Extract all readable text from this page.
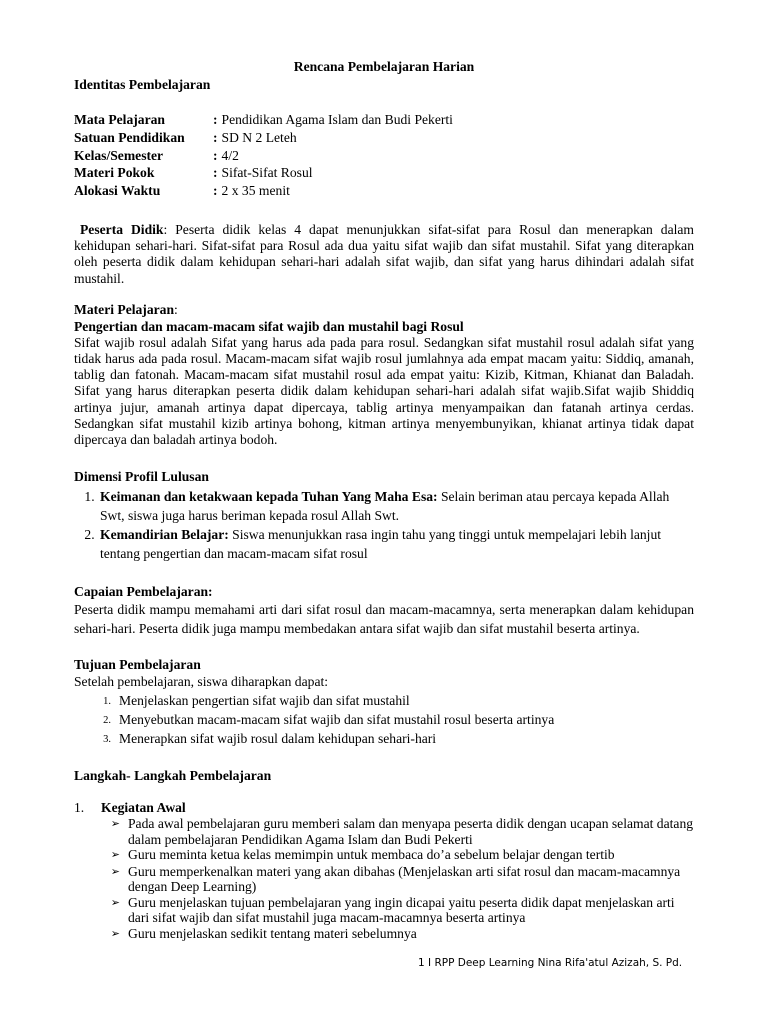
Rencana Pembelajaran Harian

Identitas Pembelajaran
Mata Pelajaran	: Pendidikan Agama Islam dan Budi Pekerti
Satuan Pendidikan	: SD N 2 Leteh
Kelas/Semester	: 4/2
Materi Pokok	: Sifat-Sifat Rosul
Alokasi Waktu	: 2 x 35 menit
Peserta Didik: Peserta didik kelas 4 dapat menunjukkan sifat-sifat para Rosul dan menerapkan dalam kehidupan sehari-hari. Sifat-sifat para Rosul ada dua yaitu sifat wajib dan sifat mustahil. Sifat yang diterapkan oleh peserta didik dalam kehidupan sehari-hari adalah sifat wajib, dan sifat yang harus dihindari adalah sifat mustahil.
Materi Pelajaran:
Pengertian dan macam-macam sifat wajib dan mustahil bagi Rosul
Sifat wajib rosul adalah Sifat yang harus ada pada para rosul. Sedangkan sifat mustahil rosul adalah sifat yang tidak harus ada pada rosul. Macam-macam sifat wajib rosul jumlahnya ada empat macam yaitu: Siddiq, amanah, tablig dan fatonah. Macam-macam sifat mustahil rosul ada empat yaitu: Kizib, Kitman, Khianat dan Baladah. Sifat yang harus diterapkan peserta didik dalam kehidupan sehari-hari adalah sifat wajib.Sifat wajib Shiddiq artinya jujur, amanah artinya dapat dipercaya, tablig artinya menyampaikan dan fatanah artinya cerdas. Sedangkan sifat mustahil kizib artinya bohong, kitman artinya menyembunyikan, khianat artinya tidak dapat dipercaya dan baladah artinya bodoh.
Dimensi Profil Lulusan
1. Keimanan dan ketakwaan kepada Tuhan Yang Maha Esa: Selain beriman atau percaya kepada Allah Swt, siswa juga harus beriman kepada rosul Allah Swt.
2. Kemandirian Belajar: Siswa menunjukkan rasa ingin tahu yang tinggi untuk mempelajari lebih lanjut tentang pengertian dan macam-macam sifat rosul
Capaian Pembelajaran:
Peserta didik mampu memahami arti dari sifat rosul dan macam-macamnya, serta menerapkan dalam kehidupan sehari-hari. Peserta didik juga mampu membedakan antara sifat wajib dan sifat mustahil beserta artinya.
Tujuan Pembelajaran
Setelah pembelajaran, siswa diharapkan dapat:
1. Menjelaskan pengertian sifat wajib dan sifat mustahil
2. Menyebutkan macam-macam sifat wajib dan sifat mustahil rosul beserta artinya
3. Menerapkan sifat wajib rosul dalam kehidupan sehari-hari
Langkah- Langkah Pembelajaran
1.	Kegiatan Awal
➢ Pada awal pembelajaran guru memberi salam dan menyapa peserta didik dengan ucapan selamat datang dalam pembelajaran Pendidikan Agama Islam dan Budi Pekerti
➢ Guru meminta ketua kelas memimpin untuk membaca do’a sebelum belajar dengan tertib
➢ Guru memperkenalkan materi yang akan dibahas (Menjelaskan arti sifat rosul dan macam-macamnya dengan Deep Learning)
➢ Guru menjelaskan tujuan pembelajaran yang ingin dicapai yaitu peserta didik dapat menjelaskan arti dari sifat wajib dan sifat mustahil juga macam-macamnya beserta artinya
➢ Guru menjelaskan sedikit tentang materi sebelumnya
1 I RPP Deep Learning Nina Rifa'atul Azizah, S. Pd.
